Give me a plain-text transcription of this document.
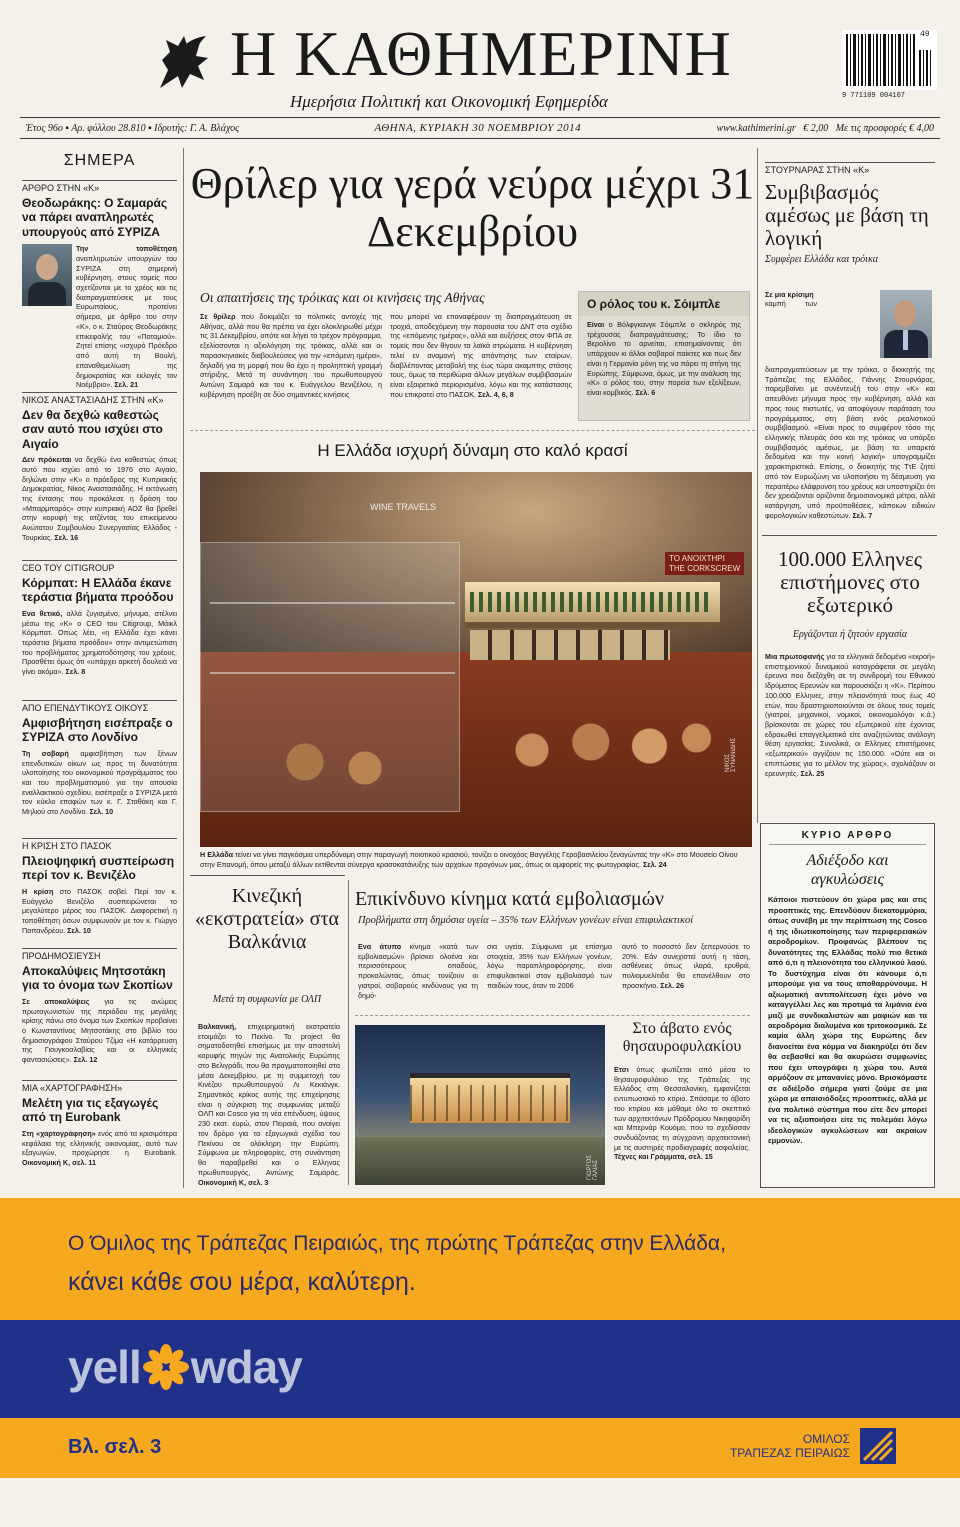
Η ΚΑΘΗΜΕΡΙΝΗ
Ημερήσια Πολιτική και Οικονομική Εφημερίδα
49
9 771109 004107
Έτος 96ο ▪ Αρ. φύλλου 28.810 ▪ Ιδρυτής: Γ. Α. Βλάχος	ΑΘΗΝΑ, ΚΥΡΙΑΚΗ 30 ΝΟΕΜΒΡΙΟΥ 2014	www.kathimerini.gr € 2,00 Με τις προσφορές € 4,00
ΣΗΜΕΡΑ
ΑΡΘΡΟ ΣΤΗΝ «Κ»
Θεοδωράκης: Ο Σαμαράς να πάρει αναπληρωτές υπουργούς από ΣΥΡΙΖΑ
Την τοποθέτηση αναπληρωτών υπουργών του ΣΥΡΙΖΑ στη σημερινή κυβέρνηση, στους τομείς που σχετίζονται με το χρέος και τις διαπραγματεύσεις με τους Ευρωπαίους, προτείνει σήμερα, με άρθρο του στην «Κ», ο κ. Σταύρος Θεοδωράκης επικεφαλής του «Ποταμιού». Ζητεί επίσης «ισχυρό Πρόεδρο από αυτή τη Βουλή, επαναθεμελίωση της δημοκρατίας και εκλογές τον Νοέμβριο». Σελ. 21
ΝΙΚΟΣ ΑΝΑΣΤΑΣΙΑΔΗΣ ΣΤΗΝ «Κ»
Δεν θα δεχθώ καθεστώς σαν αυτό που ισχύει στο Αιγαίο
Δεν πρόκειται να δεχθώ ένα καθεστώς όπως αυτό που ισχύει από το 1976 στο Αιγαίο, δηλώνει στην «Κ» ο πρόεδρος της Κυπριακής Δημοκρατίας, Νίκος Αναστασιάδης. Η εκτόνωση της έντασης που προκάλεσε η δράση του «Μπαρμπαρός» στην κυπριακή ΑΟΖ θα βρεθεί στην κορυφή της ατζέντας του επικείμενου Ανώτατου Συμβουλίου Συνεργασίας Ελλάδος - Τουρκίας. Σελ. 16
CEO ΤΟΥ CITIGROUP
Κόρμπατ: Η Ελλάδα έκανε τεράστια βήματα προόδου
Ενα θετικό, αλλά ζυγισμένο, μήνυμα, στέλνει μέσω της «Κ» ο CEO του Citigroup, Μάικλ Κόρμπατ. Οπως λέει, «η Ελλάδα έχει κάνει τεράστια βήματα προόδου» στην αντιμετώπιση του προβλήματος χρηματοδότησης του χρέους. Προσθέτει όμως ότι «υπάρχει αρκετή δουλειά να γίνει ακόμα». Σελ. 8
ΑΠΟ ΕΠΕΝΔΥΤΙΚΟΥΣ ΟΙΚΟΥΣ
Αμφισβήτηση εισέπραξε ο ΣΥΡΙΖΑ στο Λονδίνο
Τη σοβαρή αμφισβήτηση των ξένων επενδυτικών οίκων ως προς τη δυνατότητα υλοποίησης του οικονομικού προγράμματος του και του προβληματισμού για την απουσία εναλλακτικού σχεδίου, εισέπραξε ο ΣΥΡΙΖΑ μετά τον κύκλο επαφών των κ. Γ. Σταθάκη και Γ. Μηλιού στο Λονδίνο. Σελ. 10
Η ΚΡΙΣΗ ΣΤΟ ΠΑΣΟΚ
Πλειοψηφική συσπείρωση περί τον κ. Βενιζέλο
Η κρίση στο ΠΑΣΟΚ σοβεί. Περί τον κ. Ευάγγελο Βενιζέλο συσπειρώνεται το μεγαλύτερο μέρος του ΠΑΣΟΚ. Διαφορετική η τοποθέτηση όσων συμφωνούν με τον κ. Γιώργο Παπανδρέου. Σελ. 10
ΠΡΟΔΗΜΟΣΙΕΥΣΗ
Αποκαλύψεις Μητσοτάκη για το όνομα των Σκοπίων
Σε αποκαλύψεις για τις ανώμεις πρωταγωνιστών της περιόδου της μεγάλης κρίσης πάνω στο όνομα των Σκοπίων προβαίνει ο Κωνσταντίνος Μητσοτάκης στο βιβλίο του δημοσιογράφου Σταύρου Τζίμα «Η κατάρρευση της Γιουγκοσλαβίας και οι ελληνικές φαντασιώσεις». Σελ. 12
ΜΙΑ «ΧΑΡΤΟΓΡΑΦΗΣΗ»
Μελέτη για τις εξαγωγές από τη Eurobank
Στη «χαρτογράφηση» ενός από τα κρισιμότερα κεφάλαια της ελληνικής οικονομίας, αυτό των εξαγωγών, προχώρησε η Eurobank. Οικονομική Κ, σελ. 11
Θρίλερ για γερά νεύρα μέχρι 31 Δεκεμβρίου
Οι απαιτήσεις της τρόικας και οι κινήσεις της Αθήνας
Σε θρίλερ που δοκιμάζει τα πολιτικές αντοχές της Αθήνας, αλλά που θα πρέπει να έχει ολοκληρωθεί μέχρι τις 31 Δεκεμβρίου, οπότε και λήγει το τρέχον πρόγραμμα, εξελίσσονται η αξιολόγηση της τρόικας, αλλά και οι παρασκηνιακές διαβουλεύσεις για την «επόμενη ημέρα», δηλαδή για τη μορφή που θα έχει η προληπτική γραμμή στήριξης. Μετά τη συνάντηση του πρωθυπουργού Αντώνη Σαμαρά και του κ. Ευάγγελου Βενιζέλου, η κυβέρνηση προέβη σε δύο σημαντικές κινήσεις
που μπορεί να επαναφέρουν τη διαπραγμάτευση σε τροχιά, αποδεχόμενη την παρουσία του ΔΝΤ στο σχέδιο της «επόμενης ημέρας», αλλά και αυξήσεις στον ΦΠΑ σε τομείς που δεν θίγουν τα λαϊκά στρώματα. Η κυβέρνηση τελεί εν αναμονή της απάντησης των εταίρων, διαβλέποντας μεταβολή της έως τώρα ακαμπτης στάσης τους, όμως τα περιθώρια άλλων μεγάλων συμβιβασμών είναι εξαιρετικά περιορισμένα, λόγω και της κατάστασης που επικρατεί στο ΠΑΣΟΚ. Σελ. 4, 6, 8
Ο ρόλος του κ. Σόιμπλε
Είναι ο Βόλφγκανγκ Σόιμπλε ο σκληρός της τρέχουσας διαπραγμάτευσης; Το ίδιο το Βερολίνο το αρνείται, επισημαίνοντας ότι υπάρχουν κι άλλοι σοβαροί παίκτες και πως δεν είναι η Γερμανία μόνη της να πάρει τη στήνη της Ευρώπης. Σύμφωνα, όμως, με την ανάλυση της «Κ» ο ρόλος του, στην πορεία των εξελίξεων, είναι κομβικός. Σελ. 6
Η Ελλάδα ισχυρή δύναμη στο καλό κρασί
WINE TRAVELS
ΤΟ ΑΝΟΙΧΤΗΡΙ
THE CORKSCREW
ΝΙΚΟΣ ΣΥΝΑΝΙΔΗΣ
Η Ελλάδα τείνει να γίνει παγκόσμια υπερδύναμη στην παραγωγή ποιοτικού κρασιού, τονίζει ο οινοχόος Βαγγέλης Γεροβασιλείου ξεναγώντας την «Κ» στο Μουσείο Οίνου στην Επανομή, όπου μεταξύ άλλων εκτίθενται σύνεργα κρασοκατάνυξης των αρχαίων προγόνων μας, όπως οι αμφορείς της φωτογραφίας. Σελ. 24
Κινεζική «εκστρατεία» στα Βαλκάνια
Μετά τη συμφωνία με ΟΛΠ
Βαλκανική, επιχειρηματική εκστρατεία ετοιμάζει το Πεκίνο. Το project θα σηματοδοτηθεί επισήμως με την αποστολή κορυφής πηγών της Ανατολικής Ευρώπης στο Βελιγράδι, που θα πραγματοποιηθεί στα μέσα Δεκεμβρίου, με τη συμμετοχή του Κινέζου πρωθυπουργού Λι Κεκιάνγκ. Σημαντικός κρίκος αυτής της επιχείρησης είναι η σύγκριση της συμφωνίας μεταξύ ΟΛΠ και Cosco για τη νέα επένδυση, ύψους 230 εκατ. ευρώ, στον Πειραιά, που ανοίγει τον δρόμο για τα εξαγωγικά σχέδια του Πεκίνου σε ολόκληρη την Ευρώπη. Σύμφωνα με πληροφορίες, στη συνάντηση θα παραβρεθεί και ο Ελληνας πρωθυπουργός, Αντώνης Σαμαράς. Οικονομική Κ, σελ. 3
Επικίνδυνο κίνημα κατά εμβολιασμών
Προβλήματα στη δημόσια υγεία – 35% των Ελλήνων γονέων είναι επιφυλακτικοί
Ενα άτυπο κίνημα «κατά των εμβολιασμών» βρίσκει ολοένα και περισσότερους οπαδούς, προκαλώντας, όπως τονίζουν οι γιατροί, σοβαρούς κινδύνους για τη δημό-
σια υγεία. Σύμφωνα με επίσημα στοιχεία, 35% των Ελλήνων γονέων, λόγω παραπληροφόρησης, είναι επιφυλακτικοί στον εμβολιασμό των παιδιών τους, όταν το 2006
αυτό το ποσοστό δεν ξεπερνούσε το 20%. Εάν συνεχιστεί αυτή η τάση, ασθένειες όπως ιλαρά, ερυθρά, πολιομυελίτιδα θα επανέλθουν στο προσκήνιο. Σελ. 26
ΓΙΩΡΓΟΣ ΓΑΛΙΑΣ
Στο άβατο ενός θησαυροφυλακίου
Ετσι όπως φωτίζεται από μέσα το θησαυροφυλάκιο της Τράπεζας της Ελλάδος στη Θεσσαλονίκη, εμφανίζεται εντυπωσιακό το κτίριο. Σπάσαμε το άβατο του κτιρίου και μάθαμε όλο το σκεπτικό των αρχιτεκτόνων Πρόδρομου Νικηφορίδη και Μπερνάρ Κουόμο, που το σχεδίασαν συνδυάζοντας τη σύγχρονη αρχιτεκτονική με τις αυστηρές προδιαγραφές ασφαλείας. Τέχνες και Γράμματα, σελ. 15
ΣΤΟΥΡΝΑΡΑΣ ΣΤΗΝ «Κ»
Συμβιβασμός αμέσως με βάση τη λογική
Συμφέρει Ελλάδα και τρόικα
Σε μια κρίσιμη
καμπή των διαπραγματεύσεων με την τρόικα, ο διοικητής της Τράπεζας της Ελλάδος, Γιάννης Στουρνάρας, παρεμβαίνει με συνέντευξή του στην «Κ» και απευθύνει μήνυμα προς την κυβέρνηση, αλλά και προς τους πιστωτές, να αποφύγουν παράταση του προγράμματος, στη βάση ενός ρεαλιστικού συμβιβασμού. «Είναι προς το συμφέρον τόσο της ελληνικής πλευράς όσο και της τρόικας να υπάρξει συμβιβασμός αμέσως, με βάση τα υπαρκτά δεδομένα και την κοινή λογική» υπογραμμίζει χαρακτηριστικά. Επίσης, ο διοικητής της ΤτΕ ζητεί από τον Ευρωζώνη να υλοποιήσει τη δέσμευση για περαιτέρω ελάφρυνση του χρέους και υποστηρίζει ότι δεν χρειάζονται οριζόντια δημοσιονομικά μέτρα, αλλά κατάργηση, υπό προϋποθέσεις, κάποιων ειδικών φορολογικών καθεστώτων. Σελ. 7
100.000 Ελληνες επιστήμονες στο εξωτερικό
Εργάζονται ή ζητούν εργασία
Μια πρωτοφανής για τα ελληνικά δεδομένα «εκροή» επιστημονικού δυναμικού καταγράφεται σε μεγάλη έρευνα που διεξάχθη σε τη συνδρομή του Εθνικού Ιδρύματος Ερευνών και παρουσιάζει η «Κ». Περίπου 100.000 Ελληνες, στην πλειονότητά τους έως 40 ετών, που δραστηριοποιούνται σε όλους τους τομείς (γιατροί, μηχανικοί, νομικοί, οικονομολόγοι κ.ά.) βρίσκονται σε χώρες του εξωτερικού είτε έχοντας εδραιωθεί επαγγελματικά είτε αναζητώντας ανάλογη θέση εργασίας. Συνολικά, οι Ελληνες επιστήμονες «εξωτερικού» αγγίζουν τις 150.000. «Ούτε και οι επιπτώσεις για το μέλλον της χώρας», σχολιάζουν οι ερευνητές. Σελ. 25
ΚΥΡΙΟ ΑΡΘΡΟ
Αδιέξοδο και αγκυλώσεις
Κάποιοι πιστεύουν ότι χώρα μας και στις προοπτικές της. Επενδύουν διεκατομμύρια, όπως συνέβη με την περίπτωση της Cosco ή της ιδιωτικοποίησης των περιφερειακών αεροδρομίων. Προφανώς βλέπουν τις δυνατότητες της Ελλάδας πολύ πιο θετικά από ό,τι η πλειονότητα του ελληνικού λαού. Το δυστύχημα είναι ότι κάνουμε ό,τι μπορούμε για να τους αποθαρρύνουμε. Η αξιωματική αντιπολίτευση έχει μόνο να καταγγέλλει λες και προτιμά τα λιμάνια ένα μαζί με συνδικαλιστών και μαφιών και τα αεροδρόμια διαλυμένα και τριτοκοσμικά. Σε καμία άλλη χώρα της Ευρώπης δεν διανοείται ένα κόμμα να διακηρύξει ότι δεν θα σεβασθεί και θα ακυρώσει συμφωνίες που έχει υπογράψει η χώρα του. Αυτά αρμόζουν σε μπανανίες μόνο. Βρισκόμαστε σε αδιέξοδο σήμερα γιατί ζούμε σε μια χώρα με απαισιόδοξες προοπτικές, αλλά με ένα πολιτικό σύστημα που είτε δεν μπορεί να τις αξιοποιήσει είτε τις πολεμάει λόγω ιδεολογικών αγκυλώσεων και ακραίων εμμονών.
Ο Όμιλος της Τράπεζας Πειραιώς, της πρώτης Τράπεζας στην Ελλάδα,
κάνει κάθε σου μέρα, καλύτερη.
yell wday
Βλ. σελ. 3	ΟΜΙΛΟΣ
ΤΡΑΠΕΖΑΣ ΠΕΙΡΑΙΩΣ
